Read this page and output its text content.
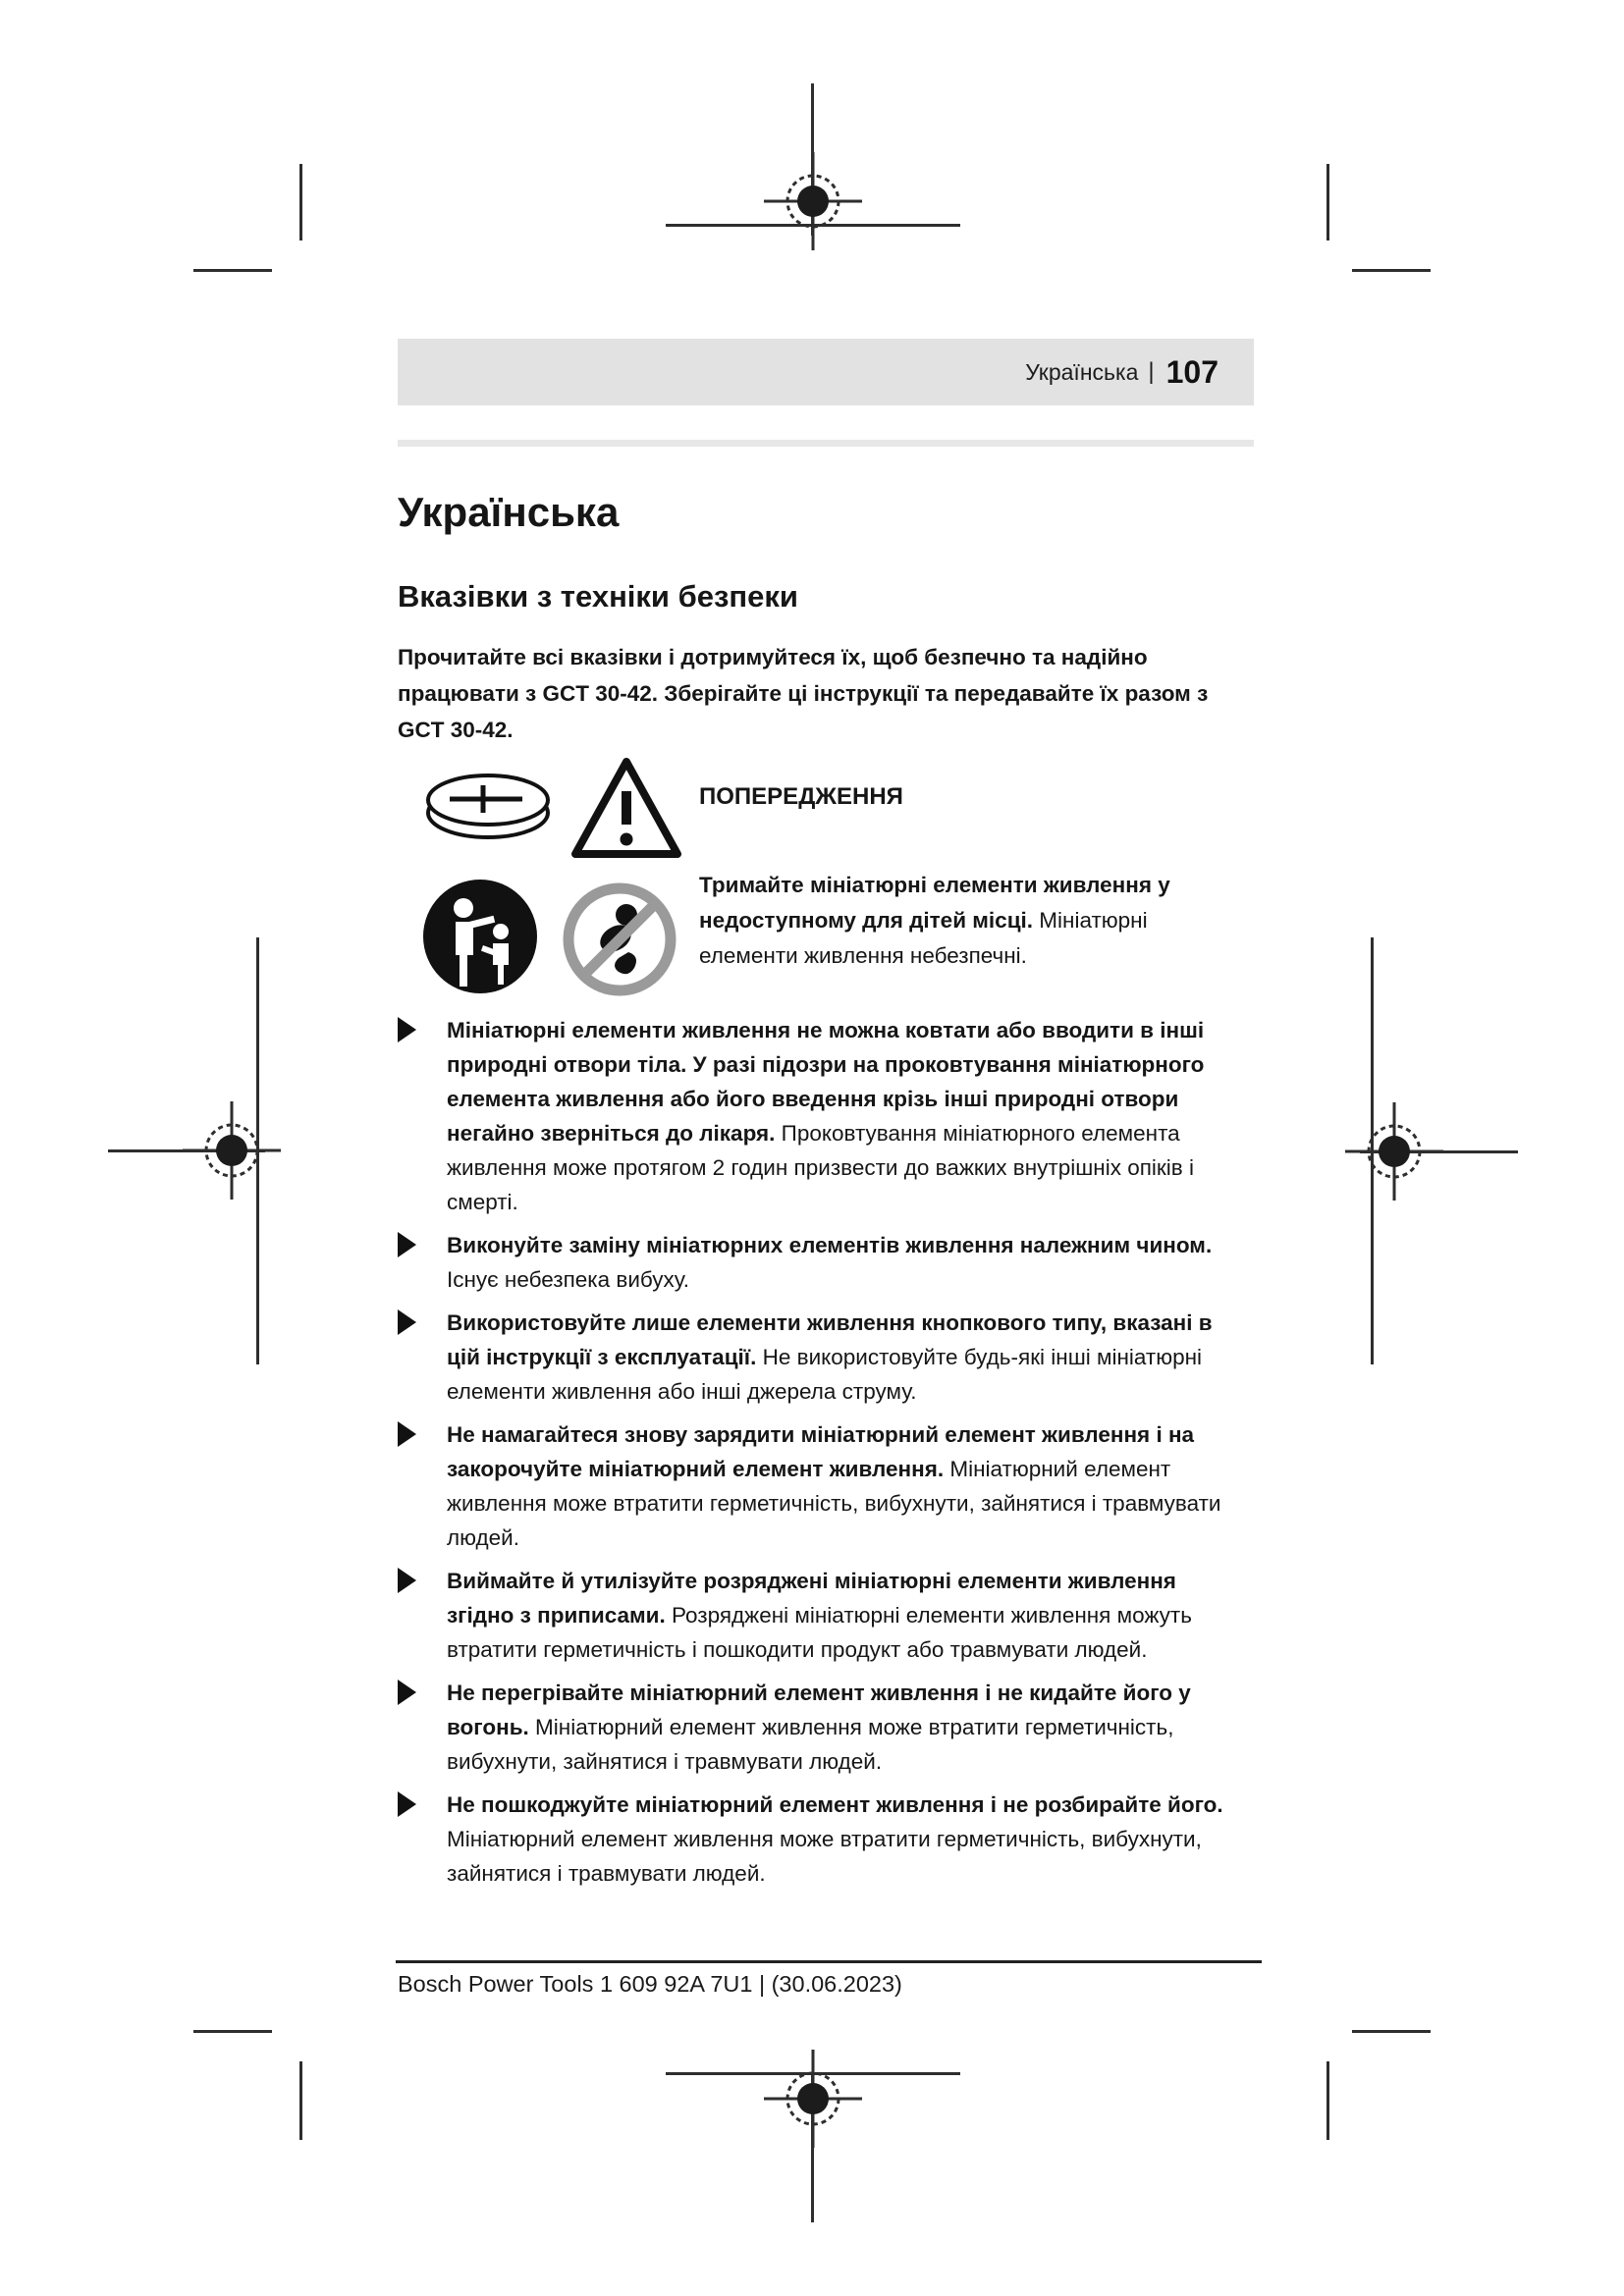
Українська | 107
Українська
Вказівки з техніки безпеки
Прочитайте всі вказівки і дотримуйтеся їх, щоб безпечно та надійно працювати з GCT 30-42. Зберігайте ці інструкції та передавайте їх разом з GCT 30-42.
ПОПЕРЕДЖЕННЯ
Тримайте мініатюрні елементи живлення у недоступному для дітей місці. Мініатюрні елементи живлення небезпечні.
Мініатюрні елементи живлення не можна ковтати або вводити в інші природні отвори тіла. У разі підозри на проковтування мініатюрного елемента живлення або його введення крізь інші природні отвори негайно зверніться до лікаря. Проковтування мініатюрного елемента живлення може протягом 2 годин призвести до важких внутрішніх опіків і смерті.
Виконуйте заміну мініатюрних елементів живлення належним чином. Існує небезпека вибуху.
Використовуйте лише елементи живлення кнопкового типу, вказані в цій інструкції з експлуатації. Не використовуйте будь-які інші мініатюрні елементи живлення або інші джерела струму.
Не намагайтеся знову зарядити мініатюрний елемент живлення і на закорочуйте мініатюрний елемент живлення. Мініатюрний елемент живлення може втратити герметичність, вибухнути, зайнятися і травмувати людей.
Виймайте й утилізуйте розряджені мініатюрні елементи живлення згідно з приписами. Розряджені мініатюрні елементи живлення можуть втратити герметичність і пошкодити продукт або травмувати людей.
Не перегрівайте мініатюрний елемент живлення і не кидайте його у вогонь. Мініатюрний елемент живлення може втратити герметичність, вибухнути, зайнятися і травмувати людей.
Не пошкоджуйте мініатюрний елемент живлення і не розбирайте його. Мініатюрний елемент живлення може втратити герметичність, вибухнути, зайнятися і травмувати людей.
Bosch Power Tools 1 609 92A 7U1 | (30.06.2023)
